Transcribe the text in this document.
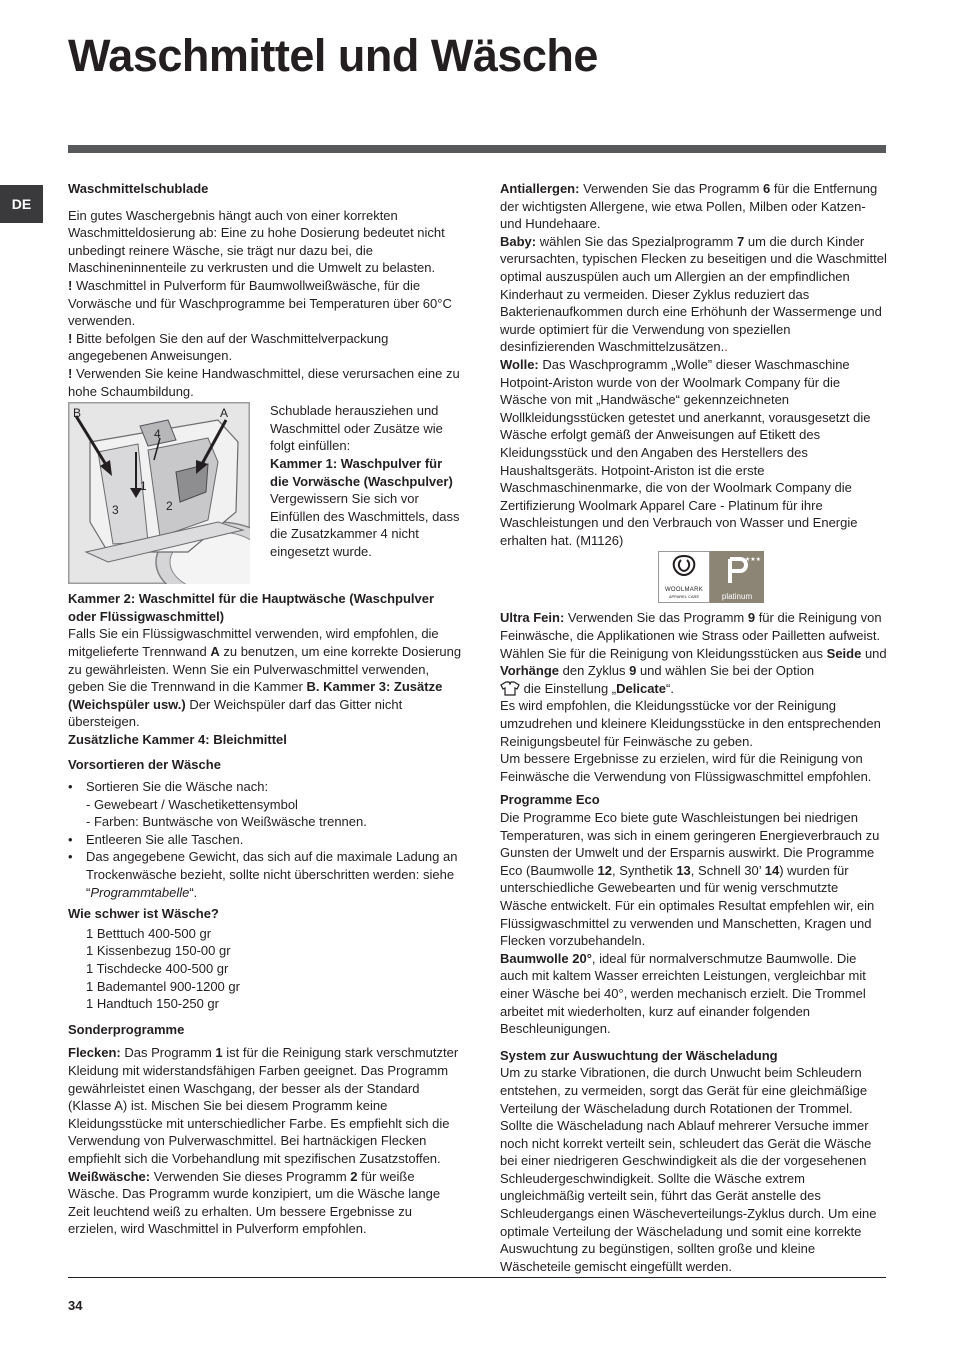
Waschmittel und Wäsche
DE

Waschmittelschublade

Ein gutes Waschergebnis hängt auch von einer korrekten Waschmitteldosierung ab: Eine zu hohe Dosierung bedeutet nicht unbedingt reinere Wäsche, sie trägt nur dazu bei, die Maschineninnenteile zu verkrusten und die Umwelt zu belasten.

! Waschmittel in Pulverform für Baumwollweißwäsche, für die Vorwäsche und für Waschprogramme bei Temperaturen über 60°C verwenden.

! Bitte befolgen Sie den auf der Waschmittelverpackung angegebenen Anweisungen.

! Verwenden Sie keine Handwaschmittel, diese verursachen eine zu hohe Schaumbildung.

B	A
4
1
2
3

Schublade herausziehen und Waschmittel oder Zusätze wie folgt einfüllen:

Kammer 1: Waschpulver für die Vorwäsche (Waschpulver)

Vergewissern Sie sich vor Einfüllen des Waschmittels, dass die Zusatzkammer 4 nicht eingesetzt wurde.

Kammer 2: Waschmittel für die Hauptwäsche (Waschpulver oder Flüssigwaschmittel)

Falls Sie ein Flüssigwaschmittel verwenden, wird empfohlen, die mitgelieferte Trennwand A zu benutzen, um eine korrekte Dosierung zu gewährleisten. Wenn Sie ein Pulverwaschmittel verwenden, geben Sie die Trennwand in die Kammer B. Kammer 3: Zusätze (Weichspüler usw.) Der Weichspüler darf das Gitter nicht übersteigen.

Zusätzliche Kammer 4: Bleichmittel

Vorsortieren der Wäsche

• Sortieren Sie die Wäsche nach:
- Gewebeart / Waschetikettensymbol
- Farben: Buntwäsche von Weißwäsche trennen.
• Entleeren Sie alle Taschen.
• Das angegebene Gewicht, das sich auf die maximale Ladung an Trockenwäsche bezieht, sollte nicht überschritten werden: siehe “Programmtabelle“.

Wie schwer ist Wäsche?

1 Betttuch 400-500 gr

1 Kissenbezug 150-00 gr

1 Tischdecke 400-500 gr

1 Bademantel 900-1200 gr

1 Handtuch 150-250 gr

Sonderprogramme

Flecken: Das Programm 1 ist für die Reinigung stark verschmutzter Kleidung mit widerstandsfähigen Farben geeignet. Das Programm gewährleistet einen Waschgang, der besser als der Standard (Klasse A) ist. Mischen Sie bei diesem Programm keine Kleidungsstücke mit unterschiedlicher Farbe. Es empfiehlt sich die Verwendung von Pulverwaschmittel. Bei hartnäckigen Flecken empfiehlt sich die Vorbehandlung mit spezifischen Zusatzstoffen.

Weißwäsche: Verwenden Sie dieses Programm 2 für weiße Wäsche. Das Programm wurde konzipiert, um die Wäsche lange Zeit leuchtend weiß zu erhalten. Um bessere Ergebnisse zu erzielen, wird Waschmittel in Pulverform empfohlen.

Antiallergen: Verwenden Sie das Programm 6 für die Entfernung der wichtigsten Allergene, wie etwa Pollen, Milben oder Katzen- und Hundehaare.

Baby: wählen Sie das Spezialprogramm 7 um die durch Kinder verursachten, typischen Flecken zu beseitigen und die Waschmittel optimal auszuspülen auch um Allergien an der empfindlichen Kinderhaut zu vermeiden. Dieser Zyklus reduziert das Bakterienaufkommen durch eine Erhöhunh der Wassermenge und wurde optimiert für die Verwendung von speziellen desinfizierenden Waschmittelzusätzen..

Wolle: Das Waschprogramm „Wolle” dieser Waschmaschine Hotpoint-Ariston wurde von der Woolmark Company für die Wäsche von mit „Handwäsche“ gekennzeichneten Wollkleidungsstücken getestet und anerkannt, vorausgesetzt die Wäsche erfolgt gemäß der Anweisungen auf Etikett des Kleidungsstück und den Angaben des Herstellers des Haushaltsgeräts. Hotpoint-Ariston ist die erste Waschmaschinenmarke, die von der Woolmark Company die Zertifizierung Woolmark Apparel Care - Platinum für ihre Waschleistungen und den Verbrauch von Wasser und Energie erhalten hat. (M1126)

WOOLMARK
APPAREL CARE
★★★
platinum

Ultra Fein: Verwenden Sie das Programm 9 für die Reinigung von Feinwäsche, die Applikationen wie Strass oder Pailletten aufweist.

Wählen Sie für die Reinigung von Kleidungsstücken aus Seide und Vorhänge den Zyklus 9 und wählen Sie bei der Option
die Einstellung „Delicate“.

Es wird empfohlen, die Kleidungsstücke vor der Reinigung umzudrehen und kleinere Kleidungsstücke in den entsprechenden Reinigungsbeutel für Feinwäsche zu geben.

Um bessere Ergebnisse zu erzielen, wird für die Reinigung von Feinwäsche die Verwendung von Flüssigwaschmittel empfohlen.

Programme Eco

Die Programme Eco biete gute Waschleistungen bei niedrigen Temperaturen, was sich in einem geringeren Energieverbrauch zu Gunsten der Umwelt und der Ersparnis auswirkt. Die Programme Eco (Baumwolle 12, Synthetik 13, Schnell 30’ 14) wurden für unterschiedliche Gewebearten und für wenig verschmutzte Wäsche entwickelt. Für ein optimales Resultat empfehlen wir, ein Flüssigwaschmittel zu verwenden und Manschetten, Kragen und Flecken vorzubehandeln.

Baumwolle 20°, ideal für normalverschmutze Baumwolle. Die auch mit kaltem Wasser erreichten Leistungen, vergleichbar mit einer Wäsche bei 40°, werden mechanisch erzielt. Die Trommel arbeitet mit wiederholten, kurz auf einander folgenden Beschleunigungen.

System zur Auswuchtung der Wäscheladung

Um zu starke Vibrationen, die durch Unwucht beim Schleudern entstehen, zu vermeiden, sorgt das Gerät für eine gleichmäßige Verteilung der Wäscheladung durch Rotationen der Trommel. Sollte die Wäscheladung nach Ablauf mehrerer Versuche immer noch nicht korrekt verteilt sein, schleudert das Gerät die Wäsche bei einer niedrigeren Geschwindigkeit als die der vorgesehenen Schleudergeschwindigkeit. Sollte die Wäsche extrem ungleichmäßig verteilt sein, führt das Gerät anstelle des Schleudergangs einen Wäscheverteilungs-Zyklus durch. Um eine optimale Verteilung der Wäscheladung und somit eine korrekte Auswuchtung zu begünstigen, sollten große und kleine Wäscheteile gemischt eingefüllt werden.

34
